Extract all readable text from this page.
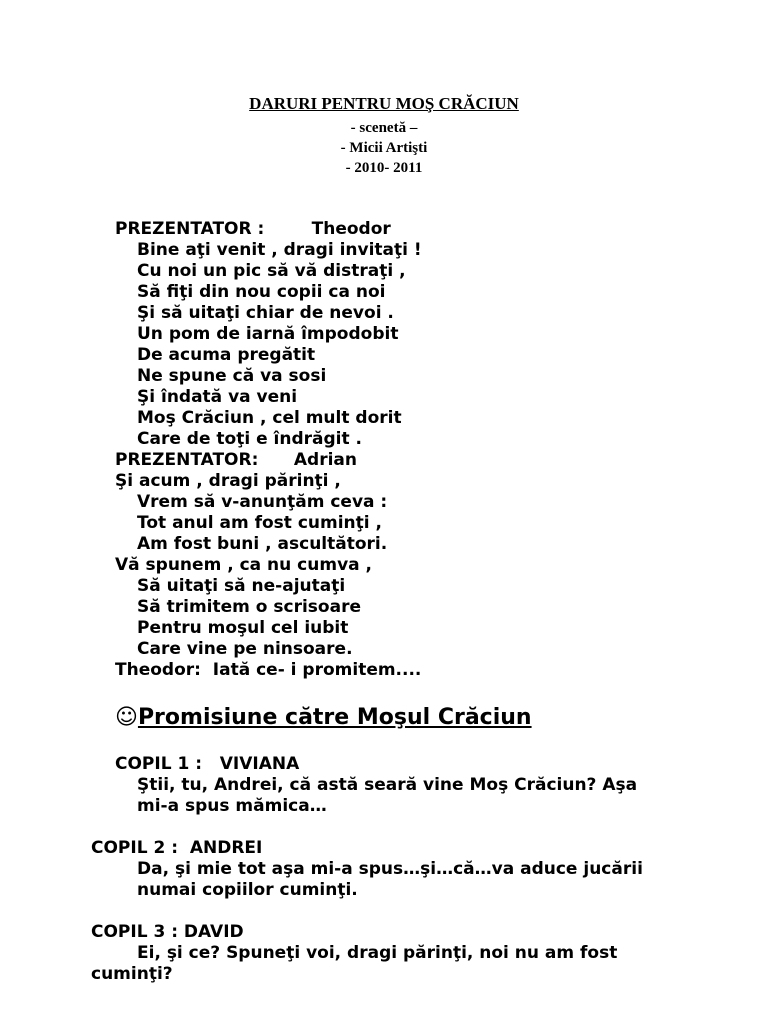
DARURI PENTRU MOŞ CRĂCIUN
- scenetă –
- Micii Artişti
- 2010- 2011
PREZENTATOR :        Theodor
Bine aţi venit , dragi invitaţi !
Cu noi un pic să vă distraţi ,
Să fiţi din nou copii ca noi
Şi să uitaţi chiar de nevoi .
Un pom de iarnă împodobit
De acuma pregătit
Ne spune că va sosi
Şi îndată va veni
Moş Crăciun , cel mult dorit
Care de toţi e îndrăgit .
PREZENTATOR:      Adrian
Şi acum , dragi părinţi ,
Vrem să v-anunţăm ceva :
Tot anul am fost cuminţi ,
Am fost buni , ascultători.
Vă spunem , ca nu cumva ,
Să uitaţi să ne-ajutaţi
Să trimitem o scrisoare
Pentru moşul cel iubit
Care vine pe ninsoare.
Theodor:  Iată ce- i promitem....
☺Promisiune către Moşul Crăciun
COPIL 1 :   VIVIANA
Ştii, tu, Andrei, că astă seară vine Moş Crăciun? Aşa
mi-a spus mămica…
COPIL 2 :  ANDREI
Da, şi mie tot aşa mi-a spus…şi…că…va aduce jucării
numai copiilor cuminţi.
COPIL 3 : DAVID
Ei, şi ce? Spuneţi voi, dragi părinţi, noi nu am fost
cuminţi?
